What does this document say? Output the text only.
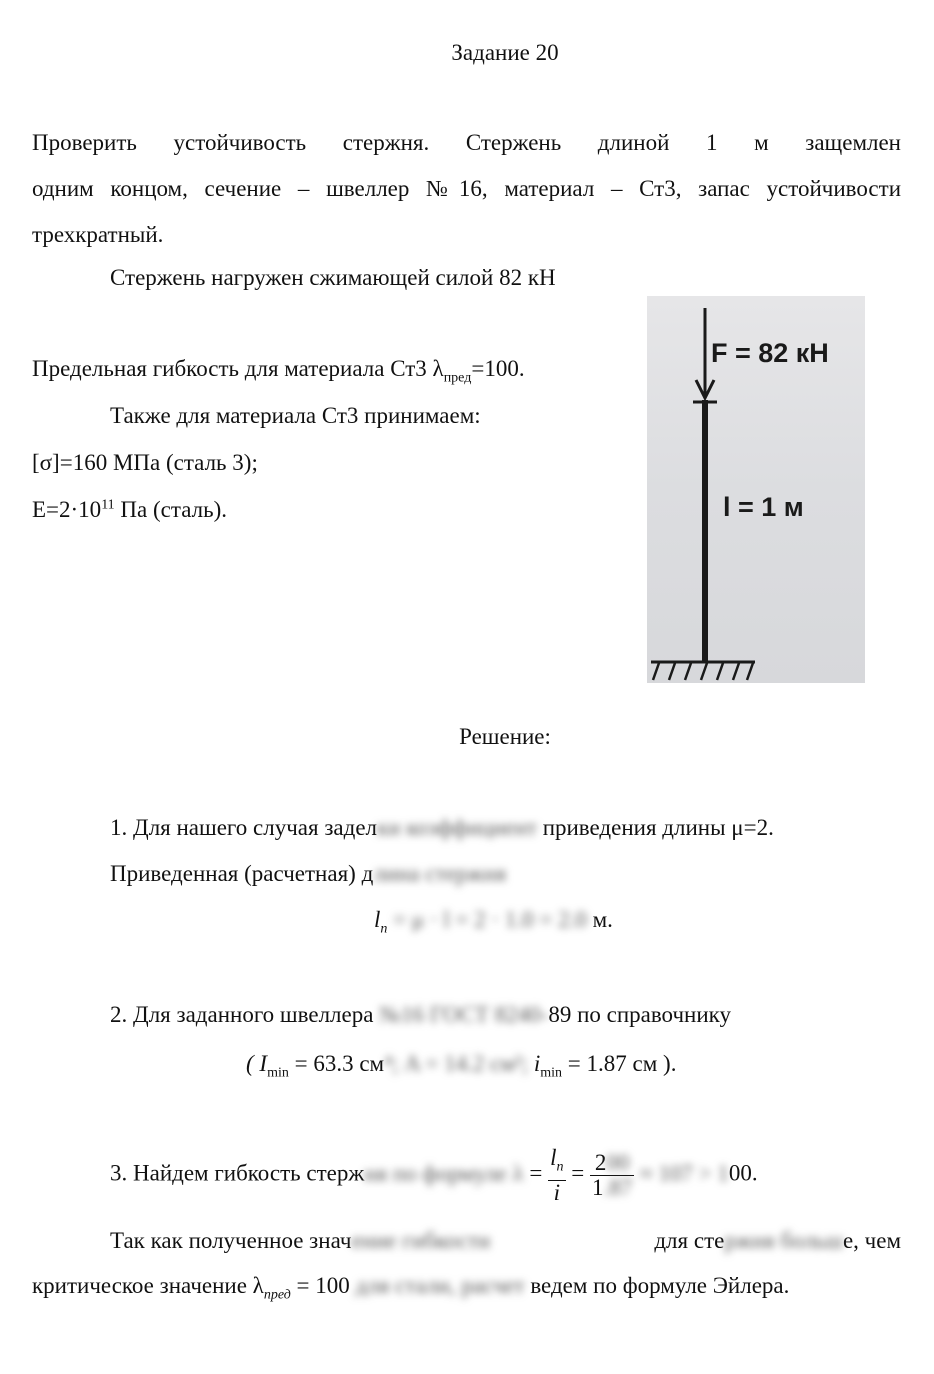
Задание 20
Проверить устойчивость стержня. Стержень длиной 1 м защемлен
одним концом, сечение – швеллер №16, материал – Ст3, запас устойчивости
трехкратный.
Стержень нагружен сжимающей силой 82 кН
Предельная гибкость для материала Ст3 $\lambda_{пред}=100$.
Также для материала Ст3 принимаем:
[σ]=160 МПа (сталь 3);
$Е=2\cdot 10^{11}$ Па (сталь).
F = 82 кН
l = 1 м
Решение:
1. Для нашего случая заделки коэффициент приведения длины μ=2.
Приведенная (расчетная) длина стержня
$l_п = \mu \cdot l = 2 \cdot 1.0 = 2.0$ м.
2. Для заданного швеллера №16 ГОСТ 8240-89 по справочнику
( $I_{min} = 63.3$ см⁴; A = 14.2 см²; $i_{min} = 1.87$ см ).
3. Найдем гибкость стержня по формуле $\lambda = \frac{l_п}{i} = \frac{200}{1.87} \approx 107 > 100$.
Так как полученное значение гибкости	для стержня больше, чем
критическое значение $\lambda_{пред} = 100$ для стали, расчет ведем по формуле Эйлера.
